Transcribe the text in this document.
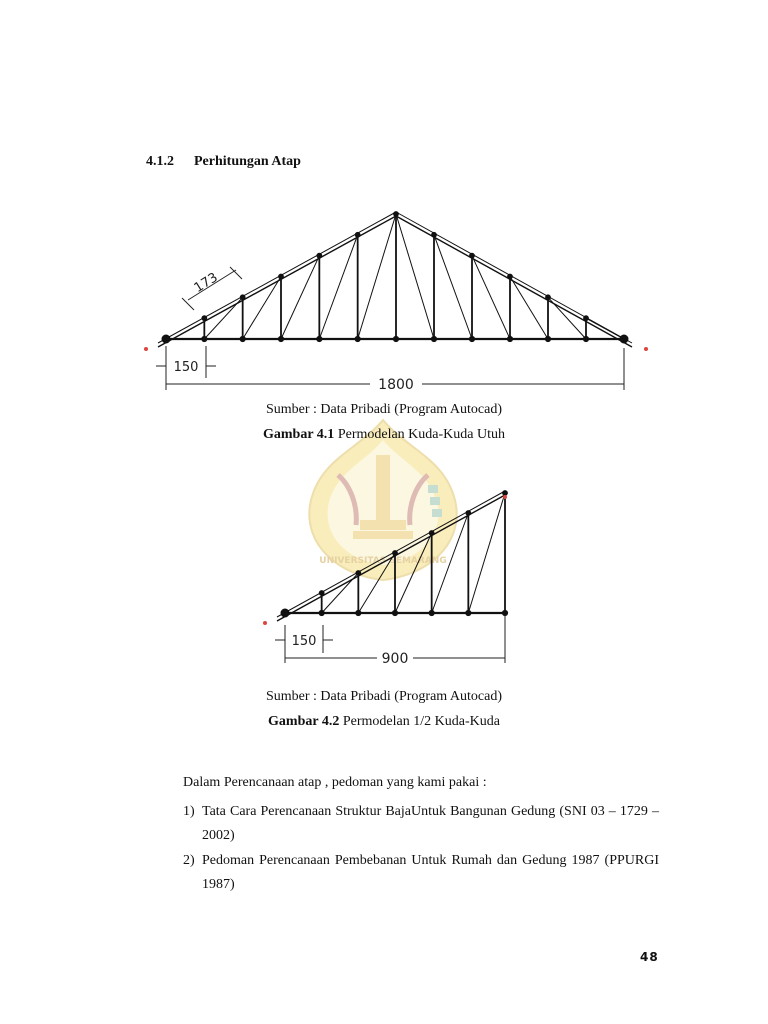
4.1.2 Perhitungan Atap
UNIVERSITAS SEMARANG
150
1800
173
Sumber : Data Pribadi (Program Autocad)
Gambar 4.1 Permodelan Kuda-Kuda Utuh
150
900
Sumber : Data Pribadi (Program Autocad)
Gambar 4.2 Permodelan 1/2 Kuda-Kuda
Dalam Perencanaan atap , pedoman yang kami pakai :
1) Tata Cara Perencanaan Struktur BajaUntuk Bangunan Gedung (SNI 03 – 1729 – 2002)
2) Pedoman Perencanaan Pembebanan Untuk Rumah dan Gedung 1987 (PPURGI 1987)
48
